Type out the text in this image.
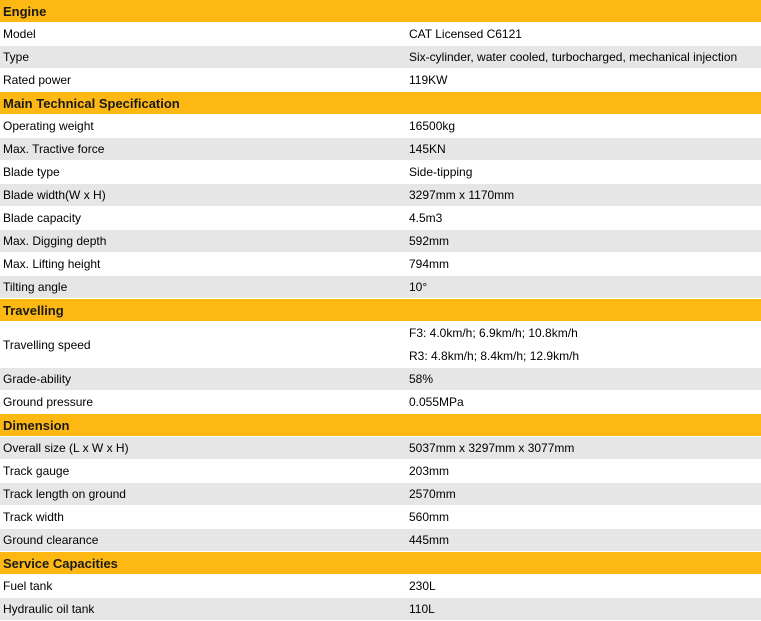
Engine	
Model	CAT Licensed C6121
Type	Six-cylinder, water cooled, turbocharged, mechanical injection
Rated power	119KW
Main Technical Specification	
Operating weight	16500kg
Max. Tractive force	145KN
Blade type	Side-tipping
Blade width(W x H)	3297mm x 1170mm
Blade capacity	4.5m3
Max. Digging depth	592mm
Max. Lifting height	794mm
Tilting angle	10°
Travelling	
Travelling speed	F3: 4.0km/h; 6.9km/h; 10.8km/h
	R3: 4.8km/h; 8.4km/h; 12.9km/h
Grade-ability	58%
Ground pressure	0.055MPa
Dimension	
Overall size (L x W x H)	5037mm x 3297mm x 3077mm
Track gauge	203mm
Track length on ground	2570mm
Track width	560mm
Ground clearance	445mm
Service Capacities	
Fuel tank	230L
Hydraulic oil tank	110L
